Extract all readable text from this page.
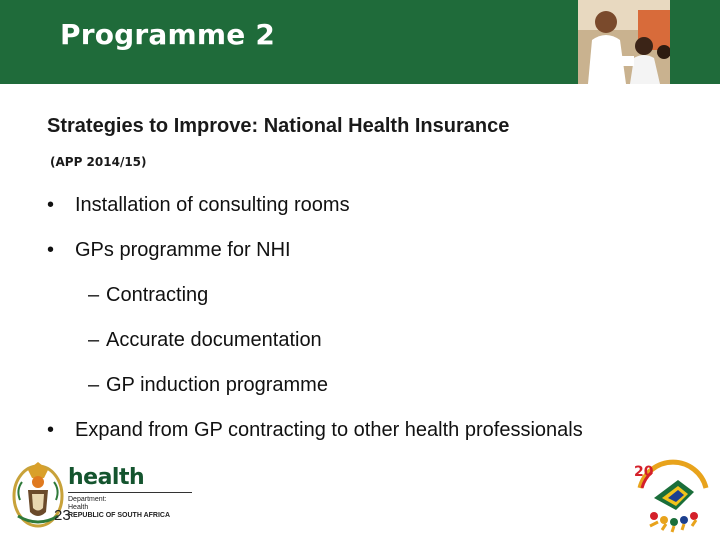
Programme 2
Strategies to Improve: National Health Insurance
(APP 2014/15)
• Installation of consulting rooms
• GPs programme for NHI
– Contracting
– Accurate documentation
– GP induction programme
• Expand from GP contracting to other health professionals
health
Department:
Health
REPUBLIC OF SOUTH AFRICA
23
20
